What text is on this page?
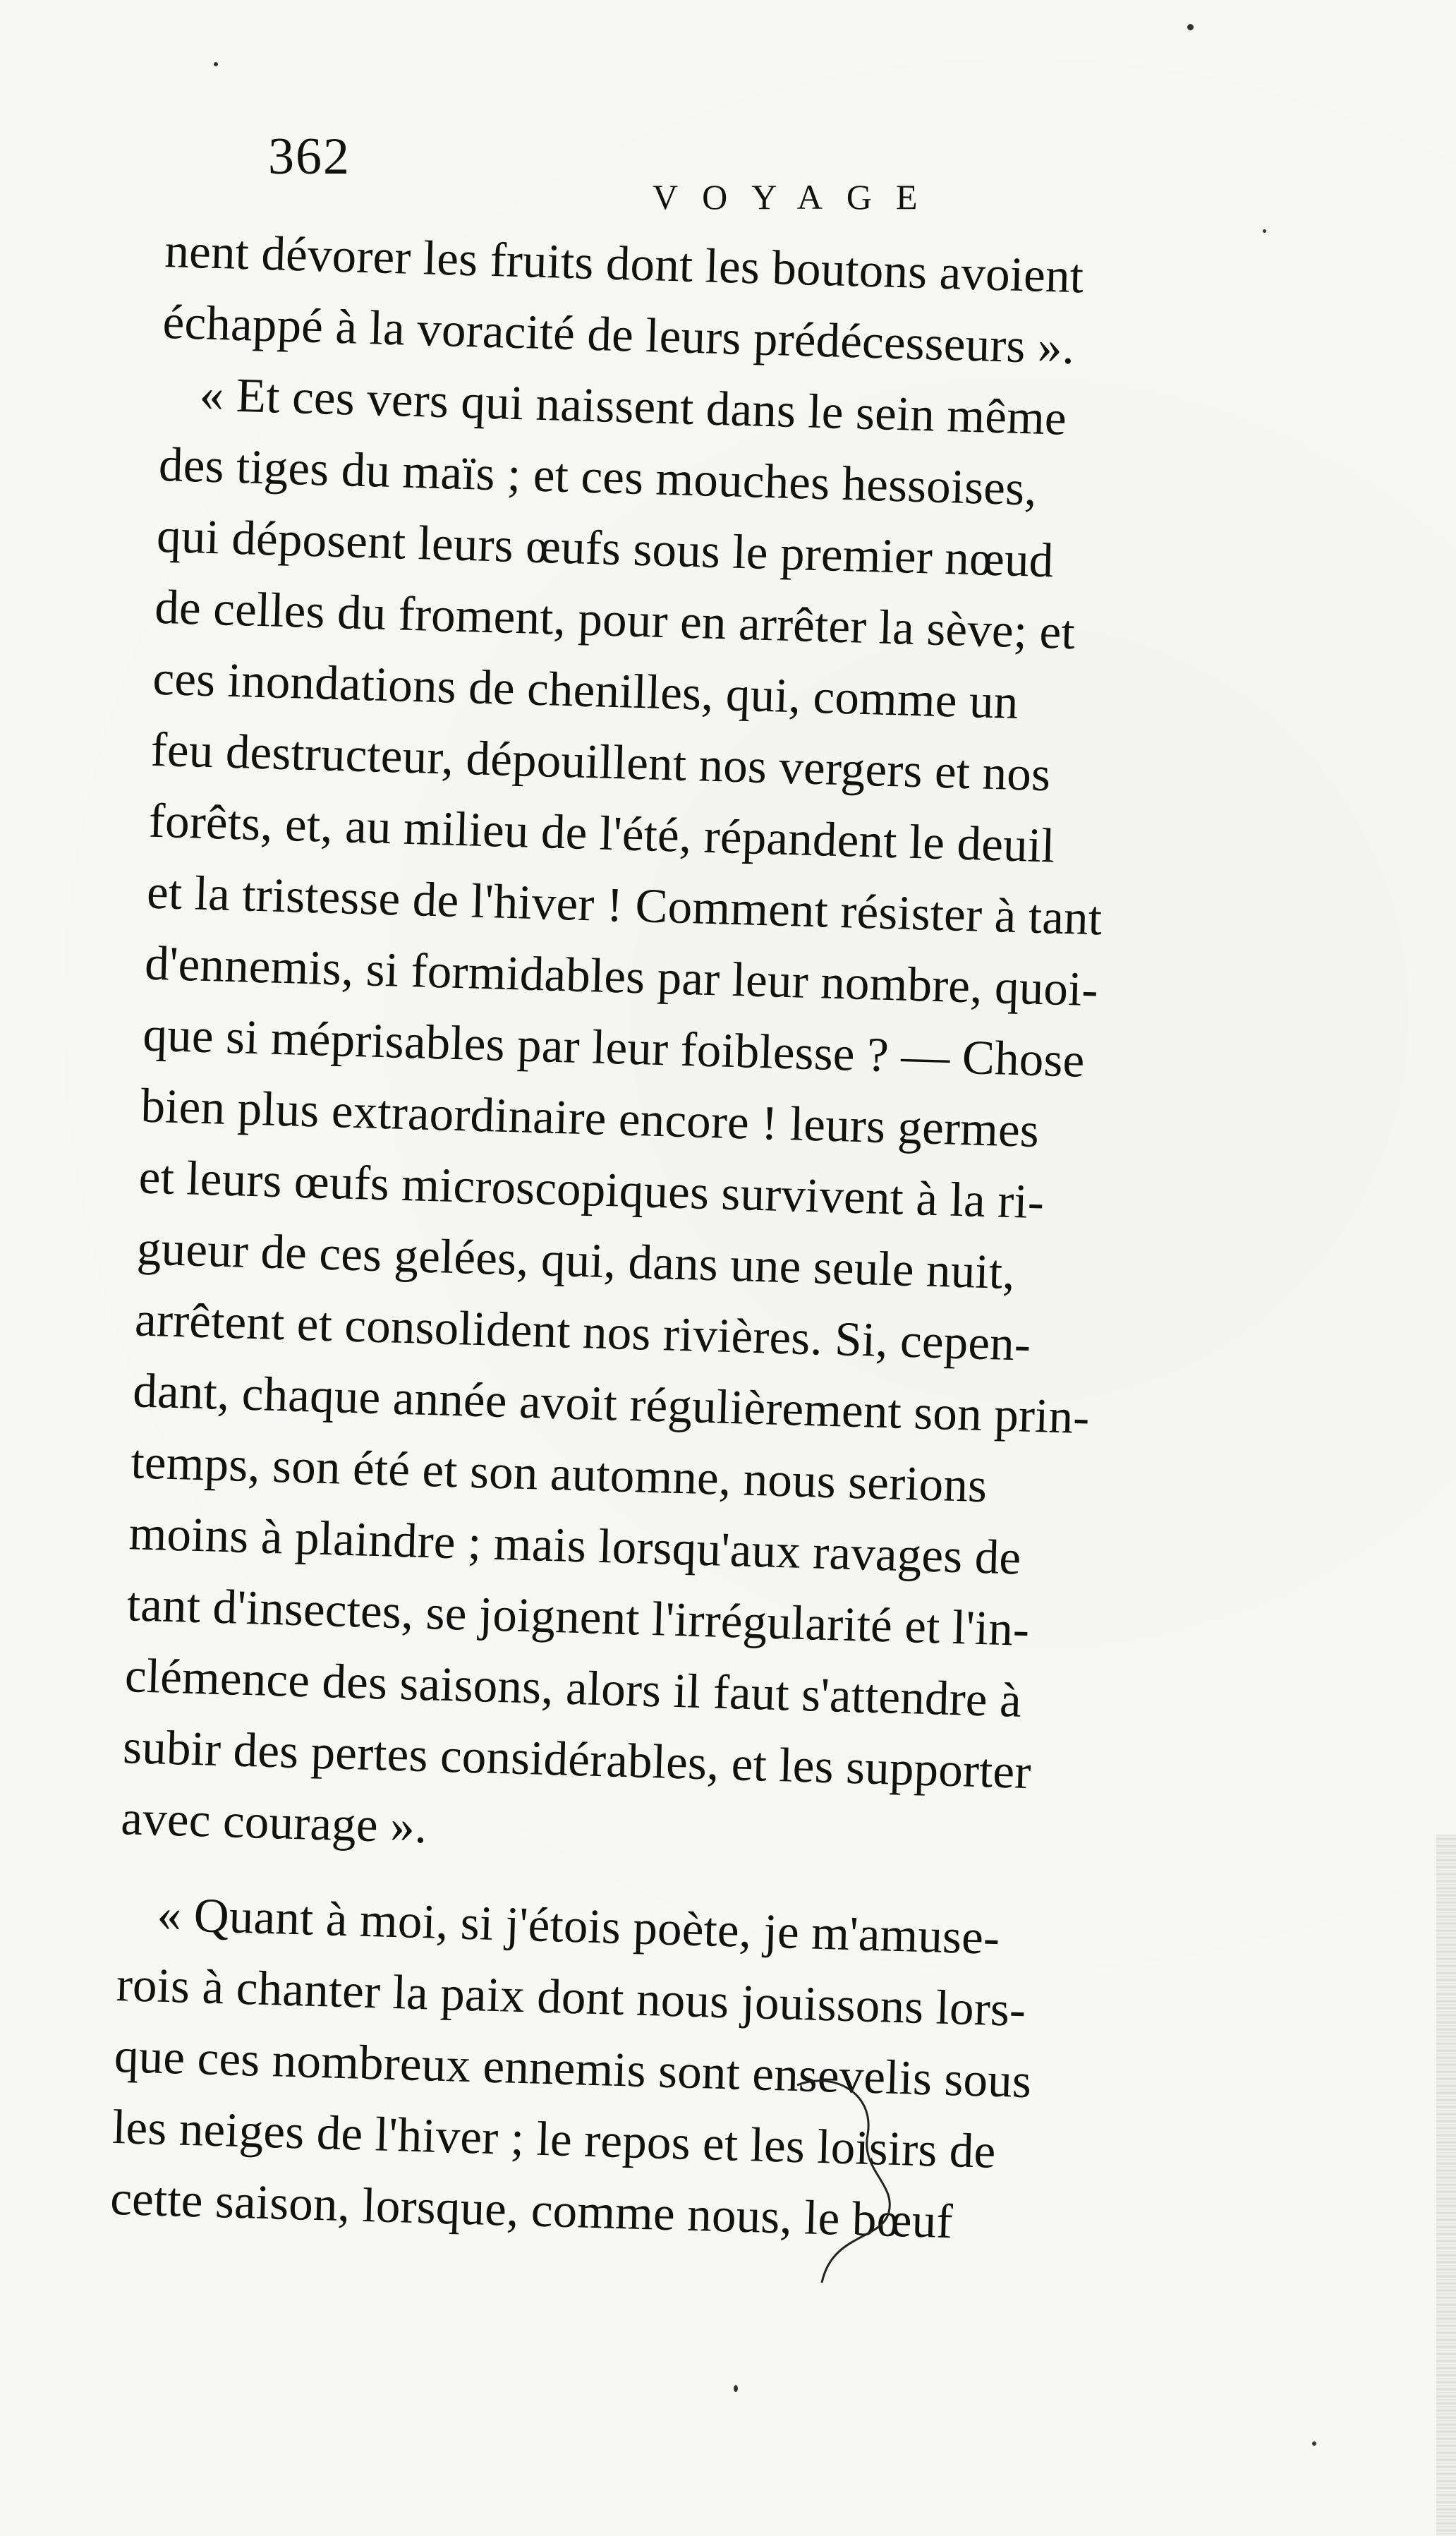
362
VOYAGE
nent dévorer les fruits dont les boutons avoient
échappé à la voracité de leurs prédécesseurs ».
« Et ces vers qui naissent dans le sein même
des tiges du maïs ; et ces mouches hessoises,
qui déposent leurs œufs sous le premier nœud
de celles du froment, pour en arrêter la sève; et
ces inondations de chenilles, qui, comme un
feu destructeur, dépouillent nos vergers et nos
forêts, et, au milieu de l'été, répandent le deuil
et la tristesse de l'hiver ! Comment résister à tant
d'ennemis, si formidables par leur nombre, quoi-
que si méprisables par leur foiblesse ? — Chose
bien plus extraordinaire encore ! leurs germes
et leurs œufs microscopiques survivent à la ri-
gueur de ces gelées, qui, dans une seule nuit,
arrêtent et consolident nos rivières. Si, cepen-
dant, chaque année avoit régulièrement son prin-
temps, son été et son automne, nous serions
moins à plaindre ; mais lorsqu'aux ravages de
tant d'insectes, se joignent l'irrégularité et l'in-
clémence des saisons, alors il faut s'attendre à
subir des pertes considérables, et les supporter
avec courage ».
« Quant à moi, si j'étois poète, je m'amuse-
rois à chanter la paix dont nous jouissons lors-
que ces nombreux ennemis sont ensevelis sous
les neiges de l'hiver ; le repos et les loisirs de
cette saison, lorsque, comme nous, le bœuf
